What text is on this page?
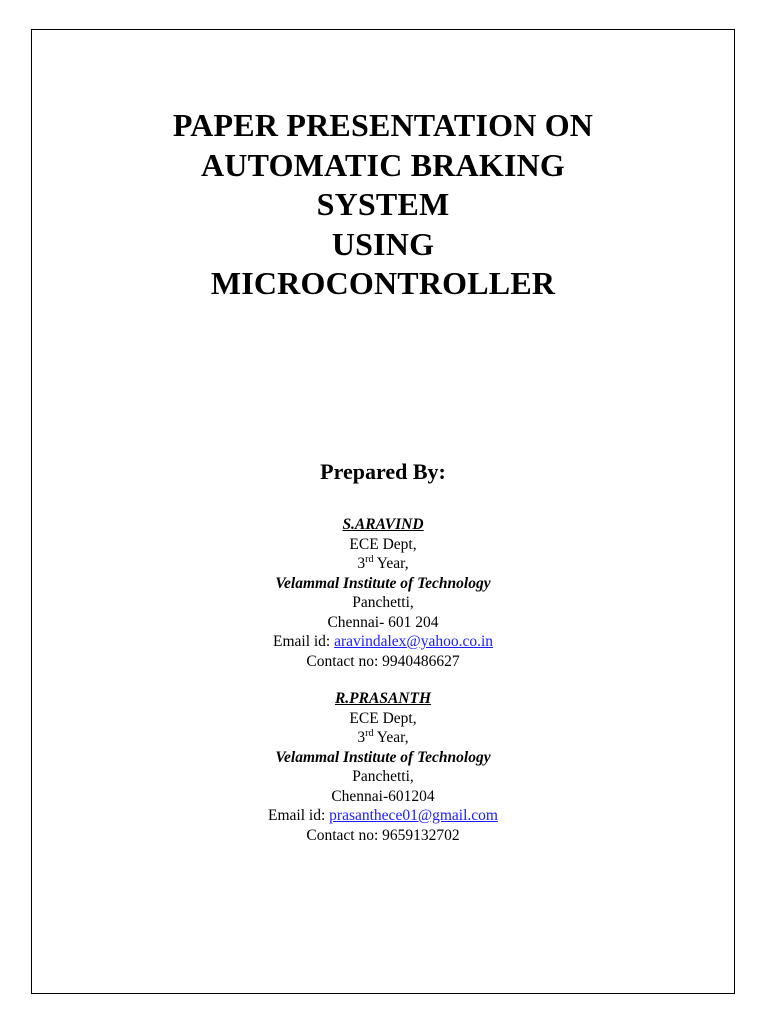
PAPER PRESENTATION ON
AUTOMATIC BRAKING
SYSTEM
USING
MICROCONTROLLER
Prepared By:
S.ARAVIND
ECE Dept,
3rd Year,
Velammal Institute of Technology
Panchetti,
Chennai- 601 204
Email id: aravindalex@yahoo.co.in
Contact no: 9940486627
R.PRASANTH
ECE Dept,
3rd Year,
Velammal Institute of Technology
Panchetti,
Chennai-601204
Email id: prasanthece01@gmail.com
Contact no: 9659132702
